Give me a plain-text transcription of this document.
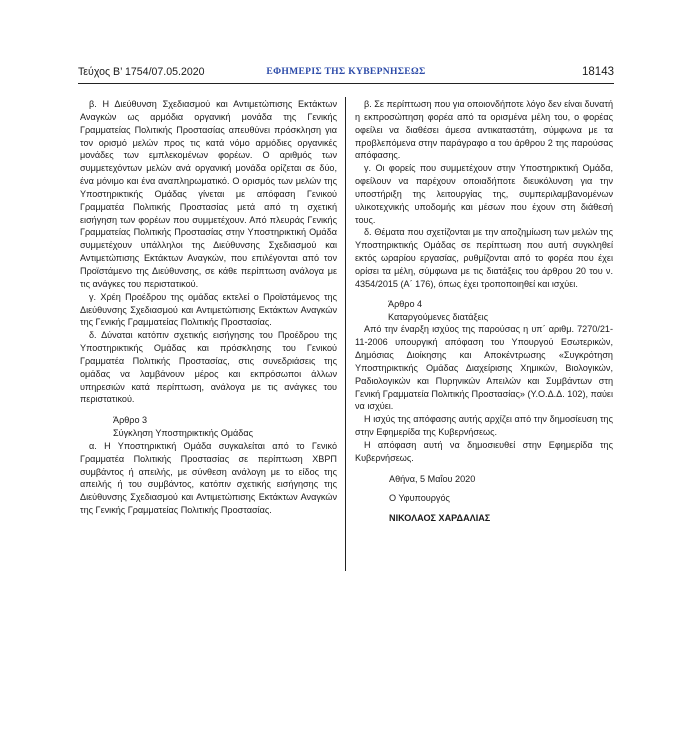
Τεύχος B’ 1754/07.05.2020	ΕΦΗΜΕΡΙΣ ΤΗΣ ΚΥΒΕΡΝΗΣΕΩΣ	18143

β. Η Διεύθυνση Σχεδιασμού και Αντιμετώπισης Εκτάκτων Αναγκών ως αρμόδια οργανική μονάδα της Γενικής Γραμματείας Πολιτικής Προστασίας απευθύνει πρόσκληση για τον ορισμό μελών προς τις κατά νόμο αρμόδιες οργανικές μονάδες των εμπλεκομένων φορέων. Ο αριθμός των συμμετεχόντων μελών ανά οργανική μονάδα ορίζεται σε δύο, ένα μόνιμο και ένα αναπληρωματικό. Ο ορισμός των μελών της Υποστηρικτικής Ομάδας γίνεται με απόφαση Γενικού Γραμματέα Πολιτικής Προστασίας μετά από τη σχετική εισήγηση των φορέων που συμμετέχουν. Από πλευράς Γενικής Γραμματείας Πολιτικής Προστασίας στην Υποστηρικτική Ομάδα συμμετέχουν υπάλληλοι της Διεύθυνσης Σχεδιασμού και Αντιμετώπισης Εκτάκτων Αναγκών, που επιλέγονται από τον Προϊστάμενο της Διεύθυνσης, σε κάθε περίπτωση ανάλογα με τις ανάγκες του περιστατικού.

γ. Χρέη Προέδρου της ομάδας εκτελεί ο Προϊστάμενος της Διεύθυνσης Σχεδιασμού και Αντιμετώπισης Εκτάκτων Αναγκών της Γενικής Γραμματείας Πολιτικής Προστασίας.

δ. Δύναται κατόπιν σχετικής εισήγησης του Προέδρου της Υποστηρικτικής Ομάδας και πρόσκλησης του Γενικού Γραμματέα Πολιτικής Προστασίας, στις συνεδριάσεις της ομάδας να λαμβάνουν μέρος και εκπρόσωποι άλλων υπηρεσιών κατά περίπτωση, ανάλογα με τις ανάγκες του περιστατικού.

Άρθρο 3

Σύγκληση Υποστηρικτικής Ομάδας

α. Η Υποστηρικτική Ομάδα συγκαλείται από το Γενικό Γραμματέα Πολιτικής Προστασίας σε περίπτωση ΧΒΡΠ συμβάντος ή απειλής, με σύνθεση ανάλογη με το είδος της απειλής ή του συμβάντος, κατόπιν σχετικής εισήγησης της Διεύθυνσης Σχεδιασμού και Αντιμετώπισης Εκτάκτων Αναγκών της Γενικής Γραμματείας Πολιτικής Προστασίας.

β. Σε περίπτωση που για οποιονδήποτε λόγο δεν είναι δυνατή η εκπροσώπηση φορέα από τα ορισμένα μέλη του, ο φορέας οφείλει να διαθέσει άμεσα αντικαταστάτη, σύμφωνα με τα προβλεπόμενα στην παράγραφο α του άρθρου 2 της παρούσας απόφασης.

γ. Οι φορείς που συμμετέχουν στην Υποστηρικτική Ομάδα, οφείλουν να παρέχουν οποιαδήποτε διευκόλυνση για την υποστήριξη της λειτουργίας της, συμπεριλαμβανομένων υλικοτεχνικής υποδομής και μέσων που έχουν στη διάθεσή τους.

δ. Θέματα που σχετίζονται με την αποζημίωση των μελών της Υποστηρικτικής Ομάδας σε περίπτωση που αυτή συγκληθεί εκτός ωραρίου εργασίας, ρυθμίζονται από το φορέα που έχει ορίσει τα μέλη, σύμφωνα με τις διατάξεις του άρθρου 20 του ν. 4354/2015 (Α΄ 176), όπως έχει τροποποιηθεί και ισχύει.

Άρθρο 4

Καταργούμενες διατάξεις

Από την έναρξη ισχύος της παρούσας η υπ΄ αριθμ. 7270/21-11-2006 υπουργική απόφαση του Υπουργού Εσωτερικών, Δημόσιας Διοίκησης και Αποκέντρωσης «Συγκρότηση Υποστηρικτικής Ομάδας Διαχείρισης Χημικών, Βιολογικών, Ραδιολογικών και Πυρηνικών Απειλών και Συμβάντων στη Γενική Γραμματεία Πολιτικής Προστασίας» (Υ.Ο.Δ.Δ. 102), παύει να ισχύει.

Η ισχύς της απόφασης αυτής αρχίζει από την δημοσίευση της στην Εφημερίδα της Κυβερνήσεως.

Η απόφαση αυτή να δημοσιευθεί στην Εφημερίδα της Κυβερνήσεως.

Αθήνα, 5 Μαΐου 2020

Ο Υφυπουργός

ΝΙΚΟΛΑΟΣ ΧΑΡΔΑΛΙΑΣ
